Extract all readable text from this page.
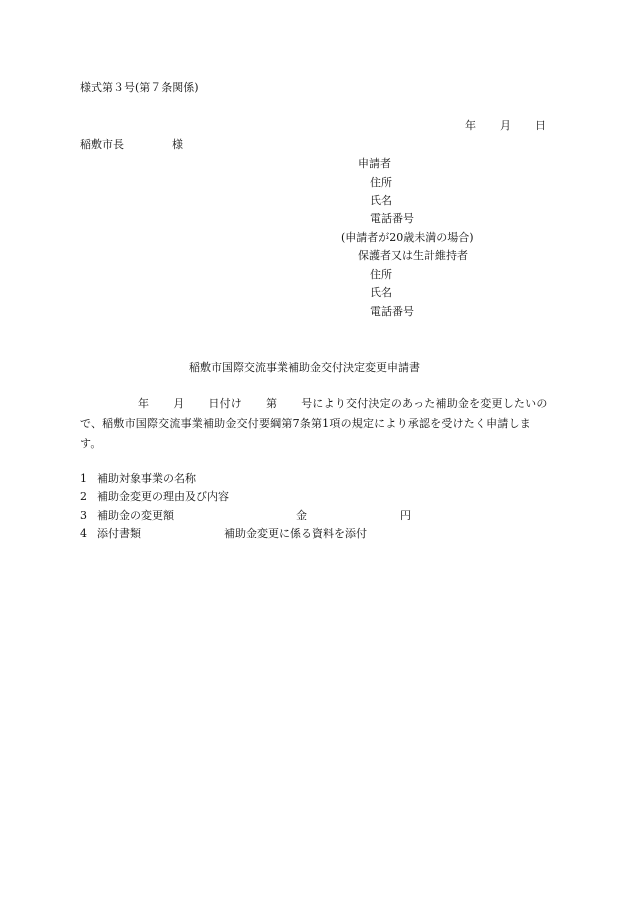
様式第３号(第７条関係)
年 月 日
稲敷市長	様
申請者
住所
氏名
電話番号
(申請者が20歳未満の場合)
保護者又は生計維持者
住所
氏名
電話番号
稲敷市国際交流事業補助金交付決定変更申請書
年 月 日付け 第 号により交付決定のあった補助金を変更したいので、稲敷市国際交流事業補助金交付要綱第7条第1項の規定により承認を受けたく申請します。
1 補助対象事業の名称
2 補助金変更の理由及び内容
3 補助金の変更額	金	円
4 添付書類	補助金変更に係る資料を添付
